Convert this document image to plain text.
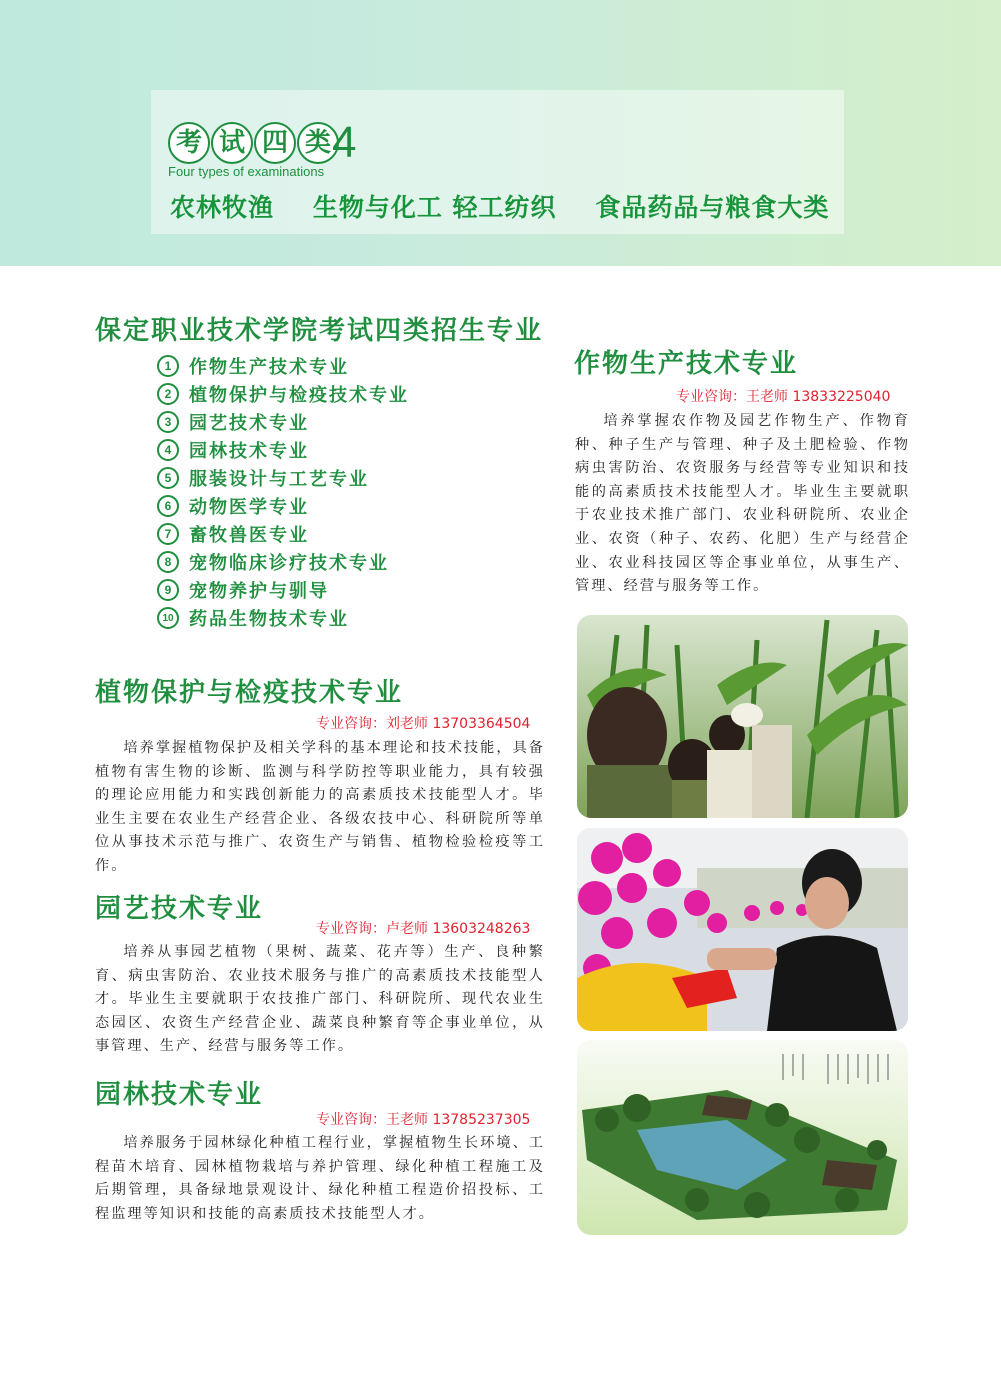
考 试 四 类 4
Four types of examinations
农林牧渔    生物与化工 轻工纺织    食品药品与粮食大类
保定职业技术学院考试四类招生专业
1 作物生产技术专业
2 植物保护与检疫技术专业
3 园艺技术专业
4 园林技术专业
5 服装设计与工艺专业
6 动物医学专业
7 畜牧兽医专业
8 宠物临床诊疗技术专业
9 宠物养护与驯导
10 药品生物技术专业
作物生产技术专业
专业咨询：王老师 13833225040

培养掌握农作物及园艺作物生产、作物育种、种子生产与管理、种子及土肥检验、作物病虫害防治、农资服务与经营等专业知识和技能的高素质技术技能型人才。毕业生主要就职于农业技术推广部门、农业科研院所、农业企业、农资（种子、农药、化肥）生产与经营企业、农业科技园区等企事业单位，从事生产、管理、经营与服务等工作。

植物保护与检疫技术专业
专业咨询：刘老师 13703364504

培养掌握植物保护及相关学科的基本理论和技术技能，具备植物有害生物的诊断、监测与科学防控等职业能力，具有较强的理论应用能力和实践创新能力的高素质技术技能型人才。毕业生主要在农业生产经营企业、各级农技中心、科研院所等单位从事技术示范与推广、农资生产与销售、植物检验检疫等工作。

园艺技术专业
专业咨询：卢老师 13603248263

培养从事园艺植物（果树、蔬菜、花卉等）生产、良种繁育、病虫害防治、农业技术服务与推广的高素质技术技能型人才。毕业生主要就职于农技推广部门、科研院所、现代农业生态园区、农资生产经营企业、蔬菜良种繁育等企事业单位，从事管理、生产、经营与服务等工作。

园林技术专业
专业咨询：王老师 13785237305

培养服务于园林绿化种植工程行业，掌握植物生长环境、工程苗木培育、园林植物栽培与养护管理、绿化种植工程施工及后期管理，具备绿地景观设计、绿化种植工程造价招投标、工程监理等知识和技能的高素质技术技能型人才。
